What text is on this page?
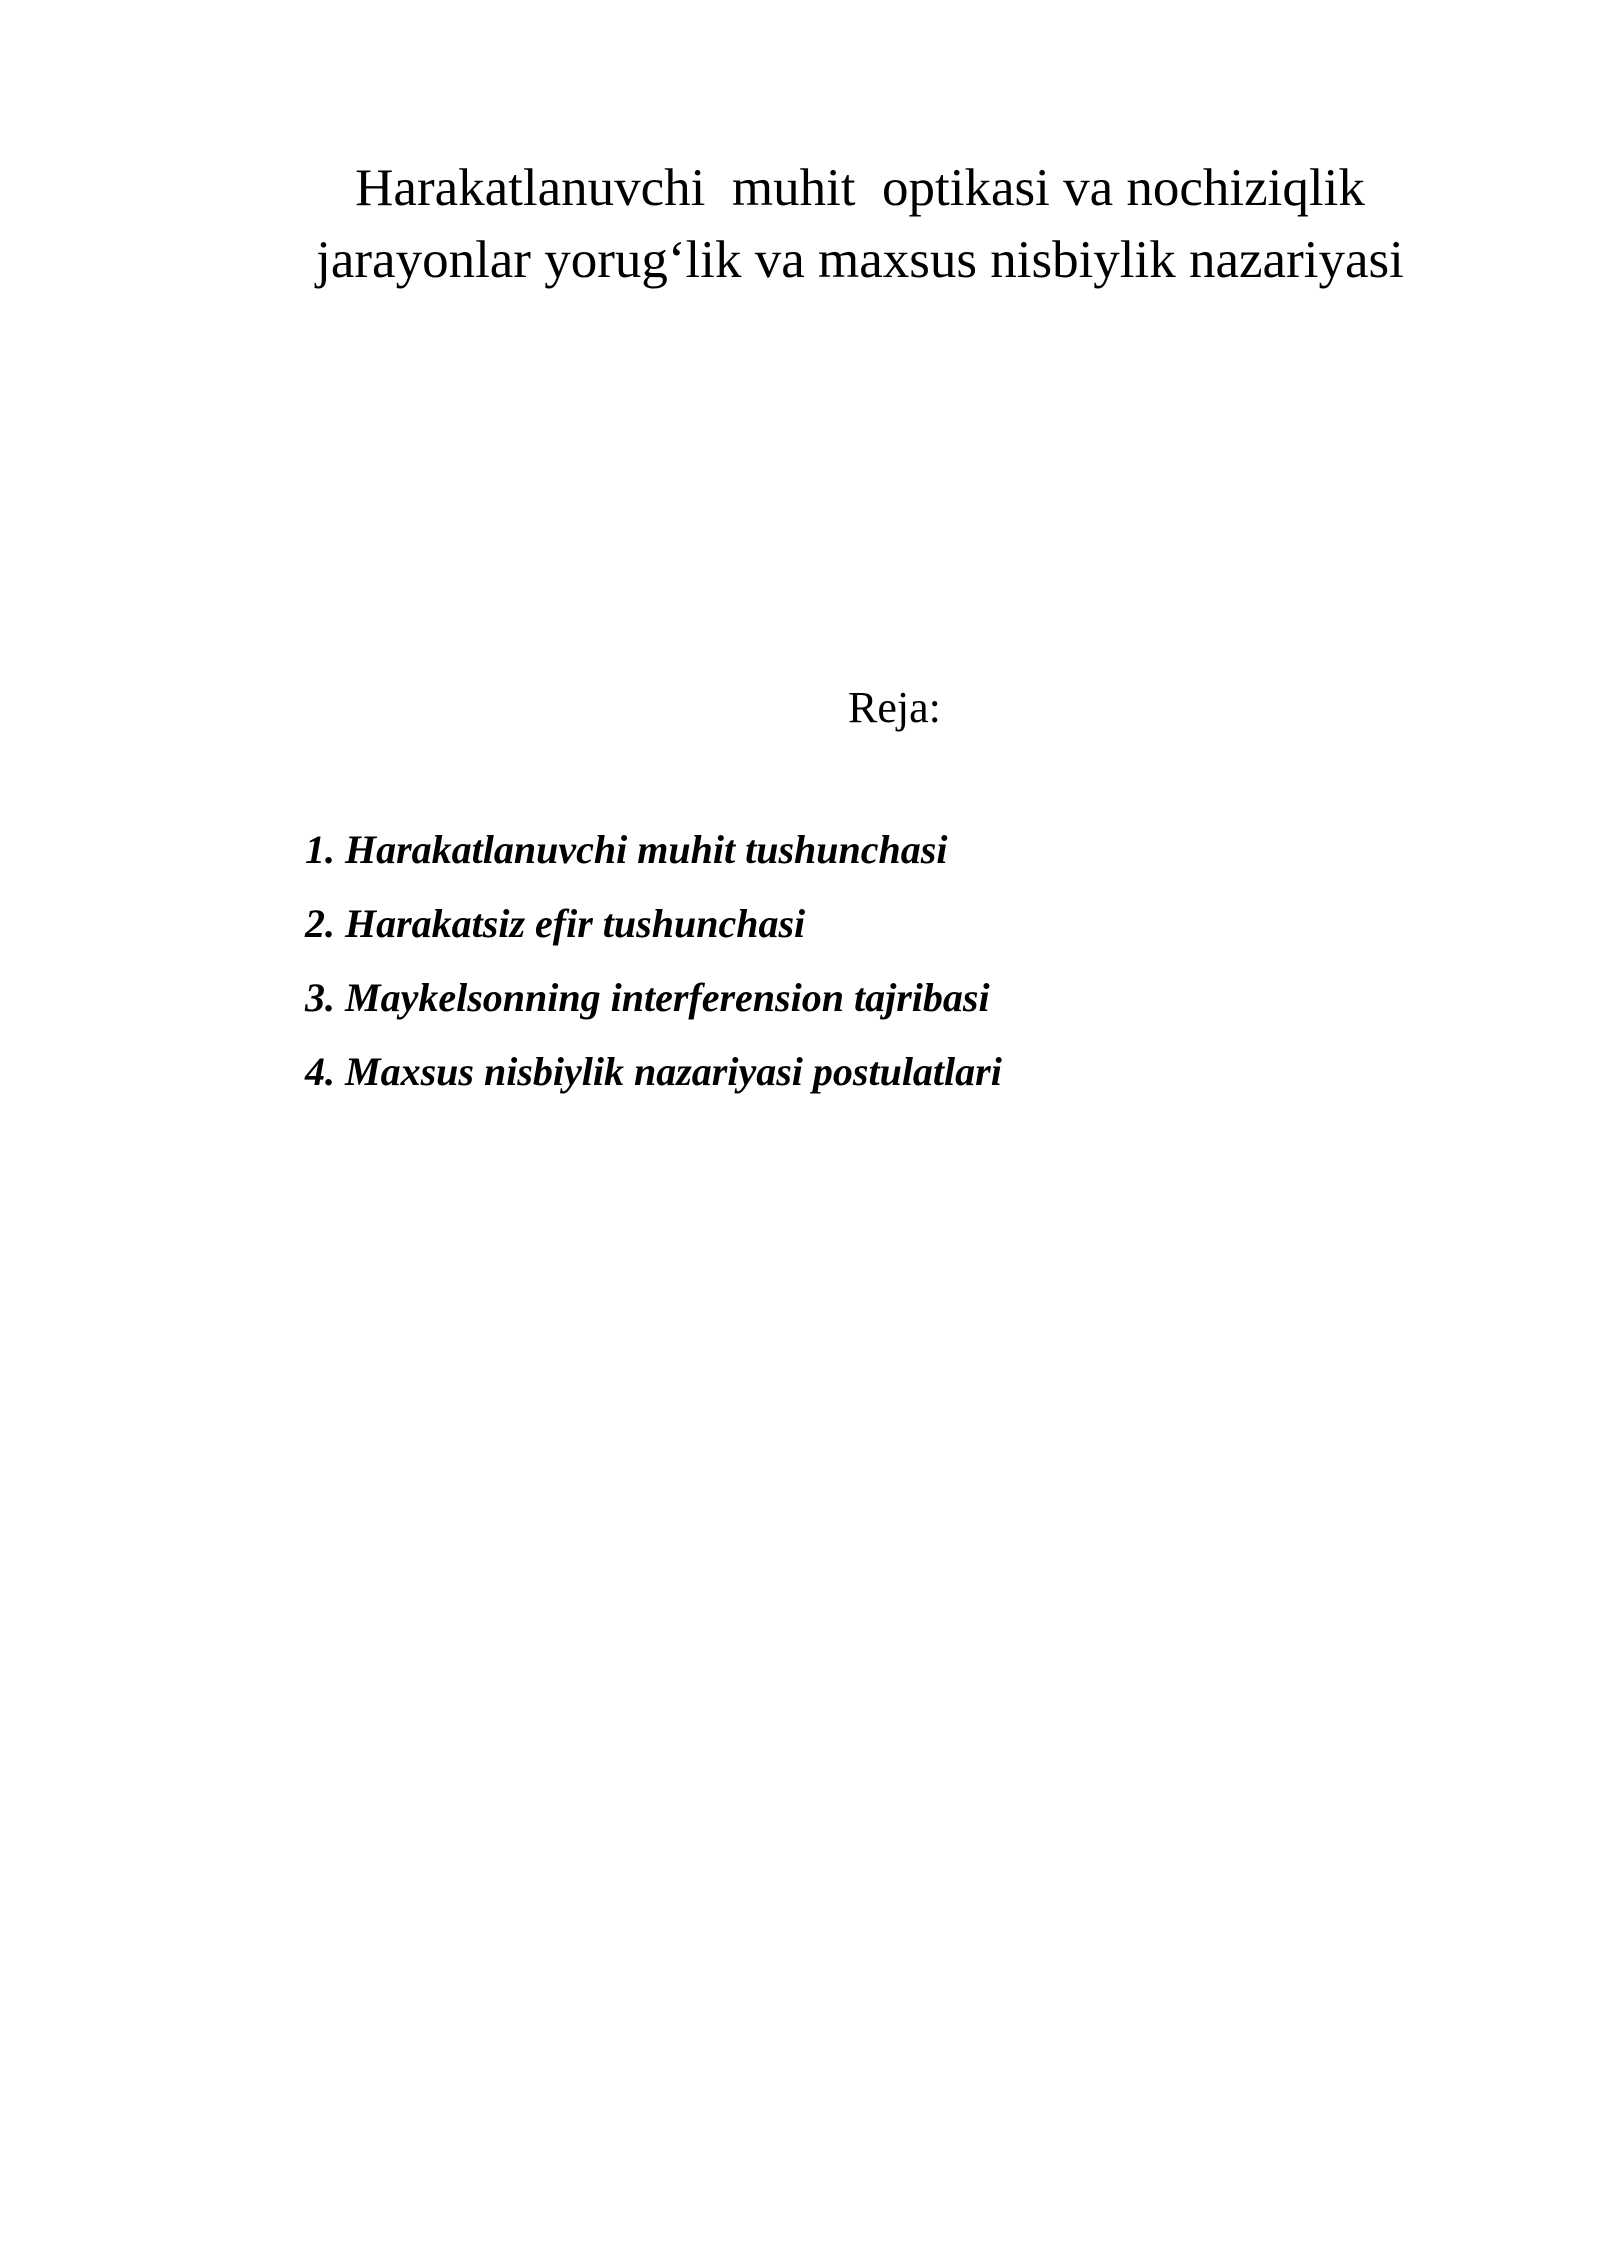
Harakatlanuvchi  muhit  optikasi va nochiziqlik
jarayonlar yorug‘lik va maxsus nisbiylik nazariyasi
Reja:
1. Harakatlanuvchi muhit tushunchasi
2. Harakatsiz efir tushunchasi
3. Maykelsonning interferension tajribasi
4. Maxsus nisbiylik nazariyasi postulatlari
